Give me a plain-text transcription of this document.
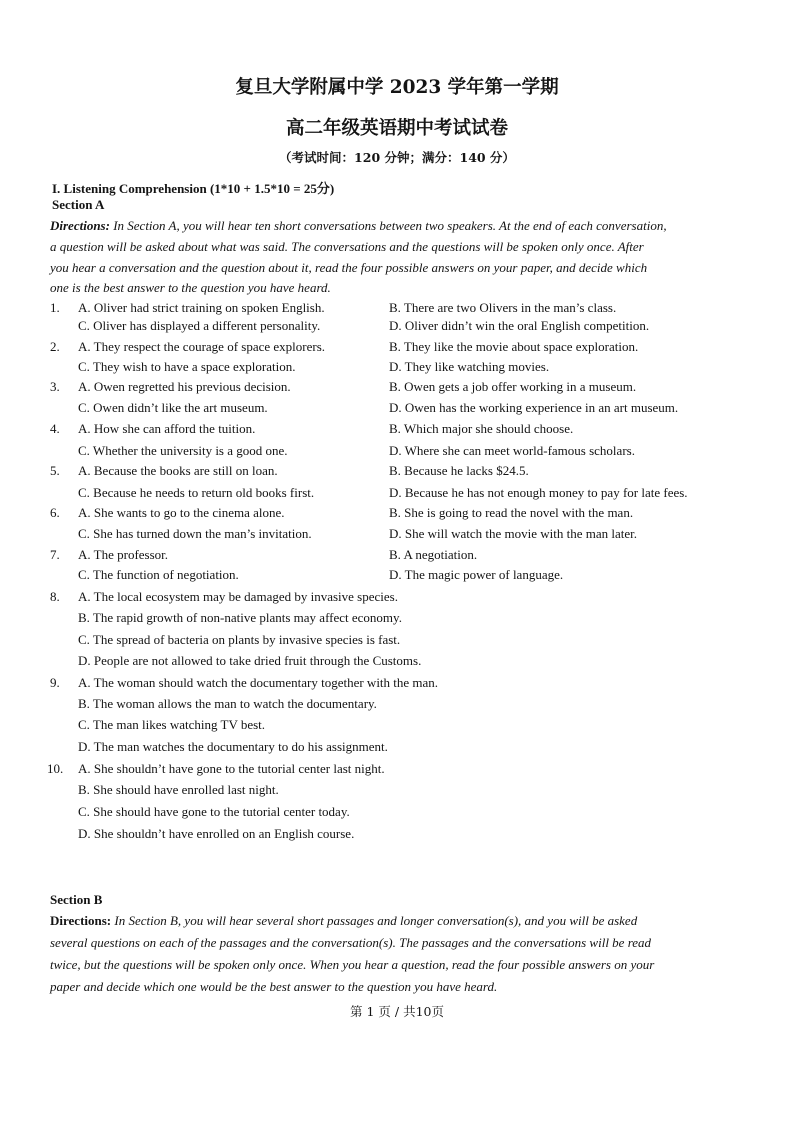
复旦大学附属中学 2023 学年第一学期
高二年级英语期中考试试卷
（考试时间：120 分钟；满分：140 分）
I. Listening Comprehension (1*10 + 1.5*10 = 25分)
Section A
Directions: In Section A, you will hear ten short conversations between two speakers. At the end of each conversation,
a question will be asked about what was said. The conversations and the questions will be spoken only once. After
you hear a conversation and the question about it, read the four possible answers on your paper, and decide which
one is the best answer to the question you have heard.
1. A. Oliver had strict training on spoken English.	B. There are two Olivers in the man’s class.
C. Oliver has displayed a different personality.	D. Oliver didn’t win the oral English competition.
2. A. They respect the courage of space explorers.	B. They like the movie about space exploration.
C. They wish to have a space exploration.	D. They like watching movies.
3. A. Owen regretted his previous decision.	B. Owen gets a job offer working in a museum.
C. Owen didn’t like the art museum.	D. Owen has the working experience in an art museum.
4. A. How she can afford the tuition.	B. Which major she should choose.
C. Whether the university is a good one.	D. Where she can meet world-famous scholars.
5. A. Because the books are still on loan.	B. Because he lacks $24.5.
C. Because he needs to return old books first.	D. Because he has not enough money to pay for late fees.
6. A. She wants to go to the cinema alone.	B. She is going to read the novel with the man.
C. She has turned down the man’s invitation.	D. She will watch the movie with the man later.
7. A. The professor.	B. A negotiation.
C. The function of negotiation.	D. The magic power of language.
8. A. The local ecosystem may be damaged by invasive species.
B. The rapid growth of non-native plants may affect economy.
C. The spread of bacteria on plants by invasive species is fast.
D. People are not allowed to take dried fruit through the Customs.
9. A. The woman should watch the documentary together with the man.
B. The woman allows the man to watch the documentary.
C. The man likes watching TV best.
D. The man watches the documentary to do his assignment.
10. A. She shouldn’t have gone to the tutorial center last night.
B. She should have enrolled last night.
C. She should have gone to the tutorial center today.
D. She shouldn’t have enrolled on an English course.
Section B
Directions: In Section B, you will hear several short passages and longer conversation(s), and you will be asked
several questions on each of the passages and the conversation(s). The passages and the conversations will be read
twice, but the questions will be spoken only once. When you hear a question, read the four possible answers on your
paper and decide which one would be the best answer to the question you have heard.
第 1 页 / 共10页
